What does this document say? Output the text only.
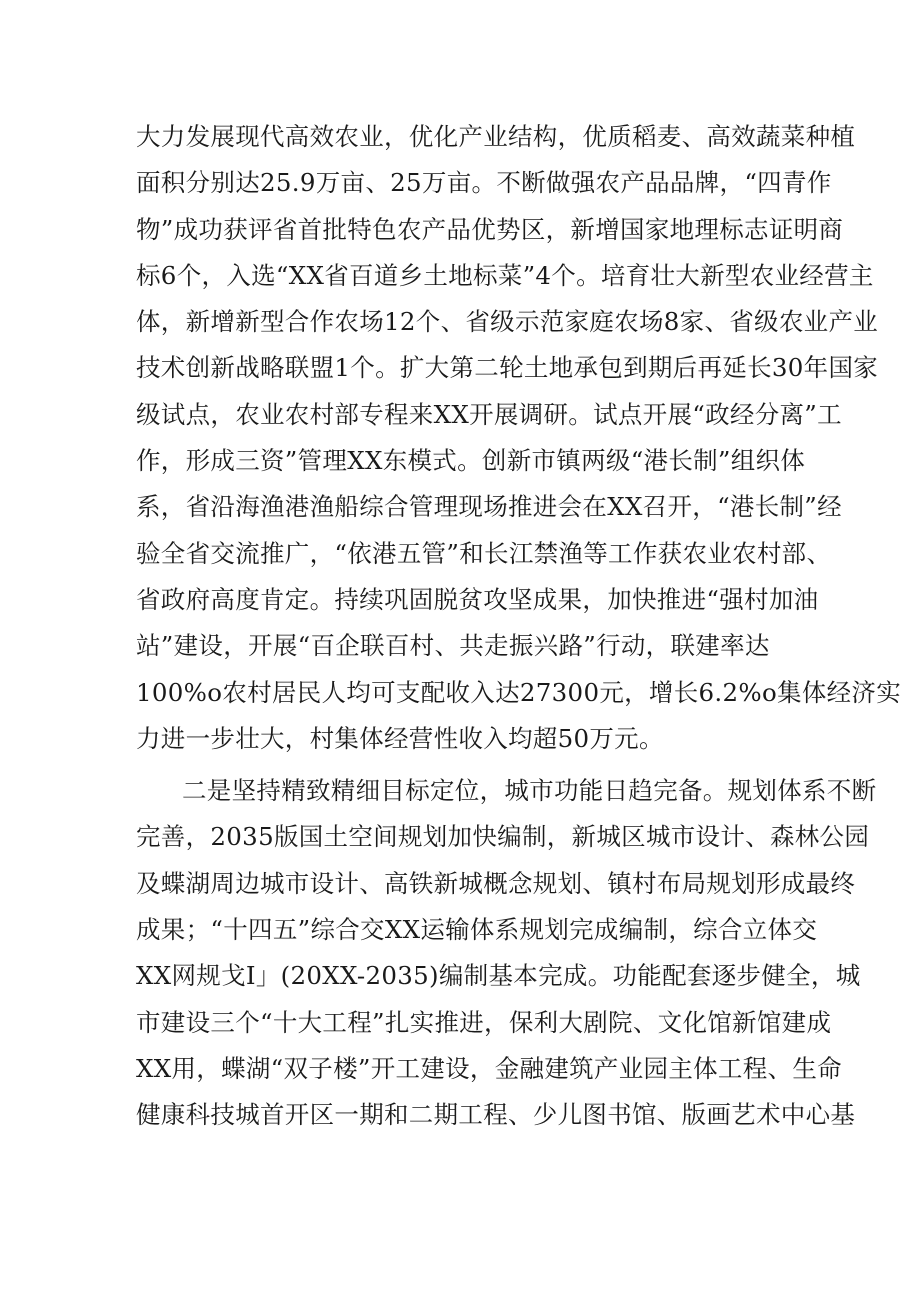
大力发展现代高效农业，优化产业结构，优质稻麦、高效蔬菜种植
面积分别达25.9万亩、25万亩。不断做强农产品品牌，“四青作
物”成功获评省首批特色农产品优势区，新增国家地理标志证明商
标6个，入选“XX省百道乡土地标菜”4个。培育壮大新型农业经营主
体，新增新型合作农场12个、省级示范家庭农场8家、省级农业产业
技术创新战略联盟1个。扩大第二轮土地承包到期后再延长30年国家
级试点，农业农村部专程来XX开展调研。试点开展“政经分离”工
作，形成三资”管理XX东模式。创新市镇两级“港长制”组织体
系，省沿海渔港渔船综合管理现场推进会在XX召开，“港长制”经
验全省交流推广，“依港五管”和长江禁渔等工作获农业农村部、
省政府高度肯定。持续巩固脱贫攻坚成果，加快推进“强村加油
站”建设，开展“百企联百村、共走振兴路”行动，联建率达
100%o农村居民人均可支配收入达27300元，增长6.2%o集体经济实
力进一步壮大，村集体经营性收入均超50万元。
二是坚持精致精细目标定位，城市功能日趋完备。规划体系不断
完善，2035版国土空间规划加快编制，新城区城市设计、森林公园
及蝶湖周边城市设计、高铁新城概念规划、镇村布局规划形成最终
成果；“十四五”综合交XX运输体系规划完成编制，综合立体交
XX网规戈I」(20XX-2035)编制基本完成。功能配套逐步健全，城
市建设三个“十大工程”扎实推进，保利大剧院、文化馆新馆建成
XX用，蝶湖“双子楼”开工建设，金融建筑产业园主体工程、生命
健康科技城首开区一期和二期工程、少儿图书馆、版画艺术中心基
